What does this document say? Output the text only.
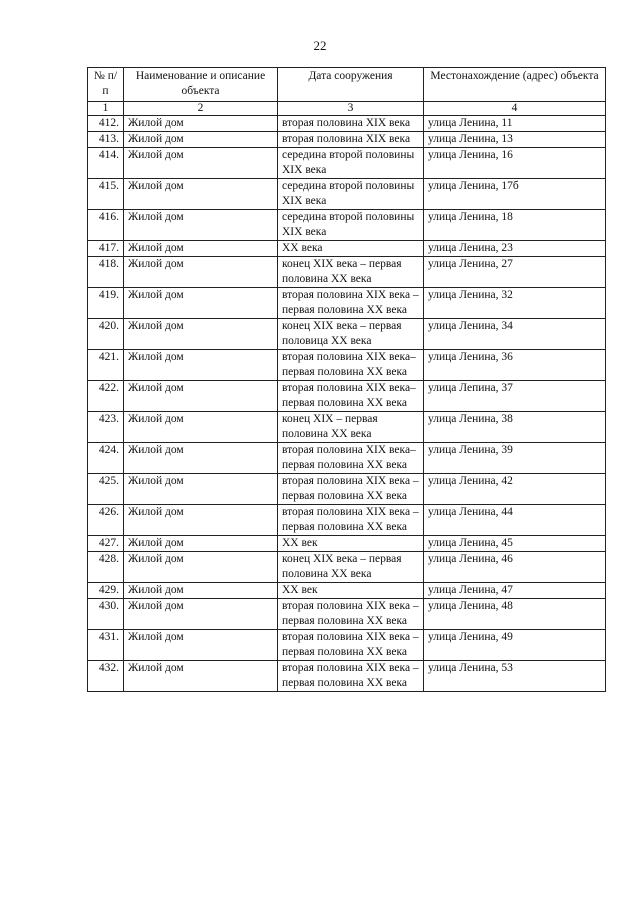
22
№ п/п	Наименование и описание объекта	Дата сооружения	Местонахождение (адрес) объекта
1	2	3	4
412.	Жилой дом	вторая половина XIX века	улица Ленина, 11
413.	Жилой дом	вторая половина XIX века	улица Ленина, 13
414.	Жилой дом	середина второй половины XIX века	улица Ленина, 16
415.	Жилой дом	середина второй половины XIX века	улица Ленина, 17б
416.	Жилой дом	середина второй половины XIX века	улица Ленина, 18
417.	Жилой дом	XX века	улица Ленина, 23
418.	Жилой дом	конец XIX века – первая половина XX века	улица Ленина, 27
419.	Жилой дом	вторая половина XIX века – первая половина XX века	улица Ленина, 32
420.	Жилой дом	конец XIX века – первая половица XX века	улица Ленина, 34
421.	Жилой дом	вторая половина XIX века– первая половина XX века	улица Ленина, 36
422.	Жилой дом	вторая половина XIX века– первая половина XX века	улица Лепина, 37
423.	Жилой дом	конец XIX – первая половина XX века	улица Ленина, 38
424.	Жилой дом	вторая половина XIX века– первая половина XX века	улица Ленина, 39
425.	Жилой дом	вторая половина XIX века – первая половина XX века	улица Ленина, 42
426.	Жилой дом	вторая половина XIX века – первая половина XX века	улица Ленина, 44
427.	Жилой дом	XX век	улица Ленина, 45
428.	Жилой дом	конец XIX века – первая половина XX века	улица Ленина, 46
429.	Жилой дом	XX век	улица Ленина, 47
430.	Жилой дом	вторая половина XIX века – первая половина XX века	улица Ленина, 48
431.	Жилой дом	вторая половина XIX века – первая половина XX века	улица Ленина, 49
432.	Жилой дом	вторая половина XIX века – первая половина XX века	улица Ленина, 53
